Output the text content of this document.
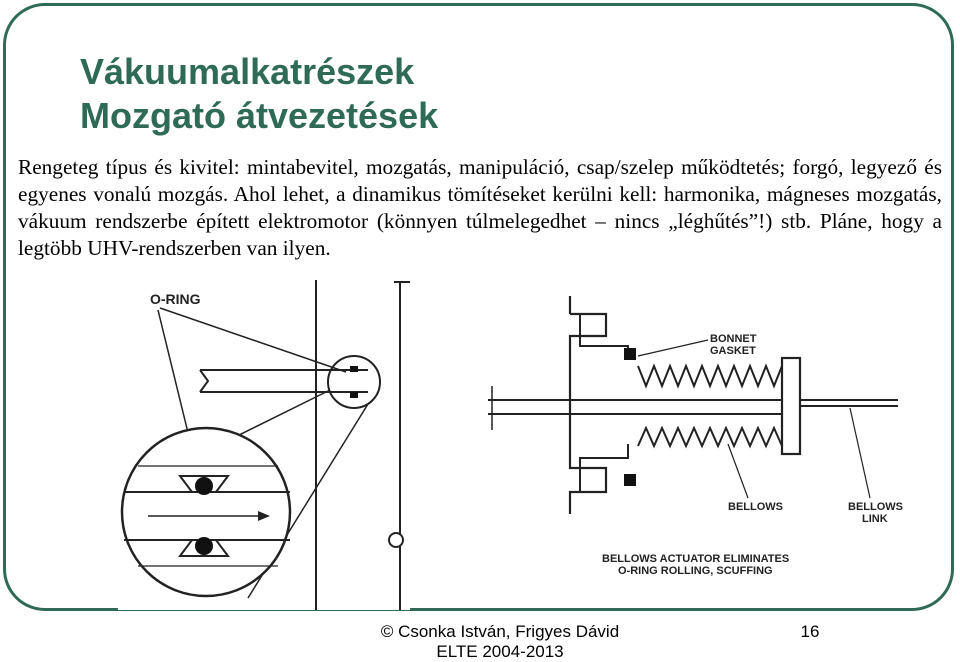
Vákuumalkatrészek
Mozgató átvezetések

Rengeteg típus és kivitel: mintabevitel, mozgatás, manipuláció, csap/szelep működtetés; forgó, legyező és egyenes vonalú mozgás. Ahol lehet, a dinamikus tömítéseket kerülni kell: harmonika, mágneses mozgatás, vákuum rendszerbe épített elektromotor (könnyen túlmelegedhet – nincs „léghűtés”!) stb. Pláne, hogy a legtöbb UHV-rendszerben van ilyen.

O-RING
BONNET
GASKET
BELLOWS	BELLOWS
LINK
BELLOWS ACTUATOR ELIMINATES
O-RING ROLLING, SCUFFING
© Csonka István, Frigyes Dávid
ELTE 2004-2013
16
